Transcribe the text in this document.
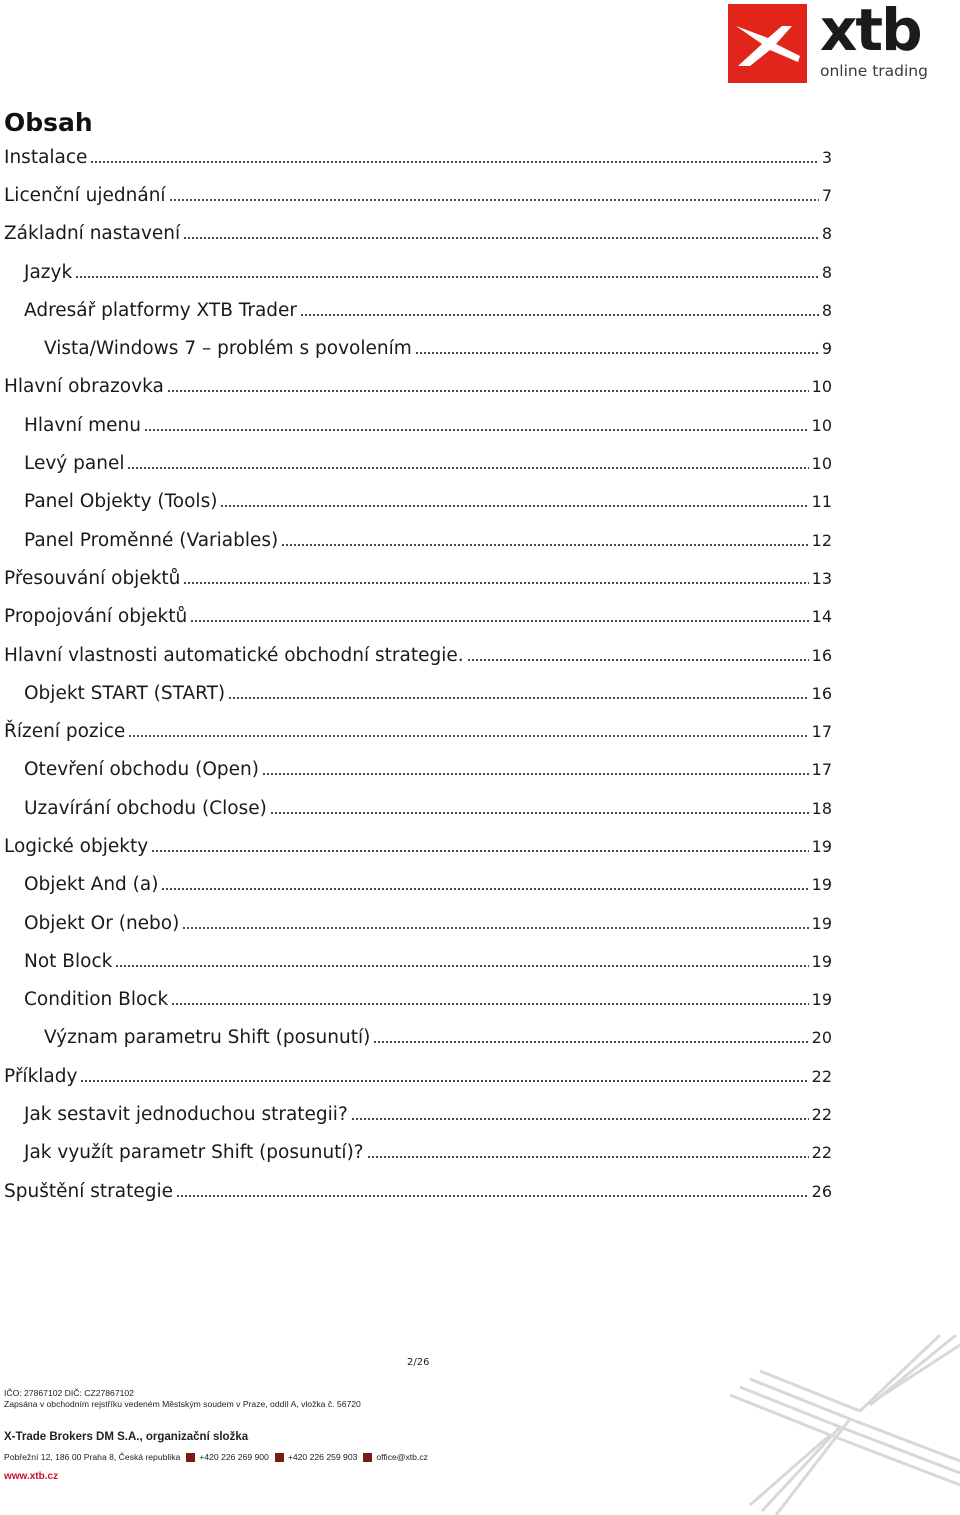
xtb
online trading
Obsah
Instalace	3
Licenční ujednání	7
Základní nastavení	8
Jazyk	8
Adresář platformy XTB Trader	8
Vista/Windows 7 – problém s povolením	9
Hlavní obrazovka	10
Hlavní menu	10
Levý panel	10
Panel Objekty (Tools)	11
Panel Proměnné (Variables)	12
Přesouvání objektů	13
Propojování objektů	14
Hlavní vlastnosti automatické obchodní strategie.	16
Objekt START (START)	16
Řízení pozice	17
Otevření obchodu (Open)	17
Uzavírání obchodu (Close)	18
Logické objekty	19
Objekt And (a)	19
Objekt Or (nebo)	19
Not Block	19
Condition Block	19
Význam parametru Shift (posunutí)	20
Příklady	22
Jak sestavit jednoduchou strategii?	22
Jak využít parametr Shift (posunutí)?	22
Spuštění strategie	26
2/26
IČO: 27867102 DIČ: CZ27867102
Zapsána v obchodním rejstříku vedeném Městským soudem v Praze, oddíl A, vložka č. 56720
X-Trade Brokers DM S.A., organizační složka
Pobřežní 12, 186 00 Praha 8, Česká republika +420 226 269 900 +420 226 259 903 office@xtb.cz
www.xtb.cz
